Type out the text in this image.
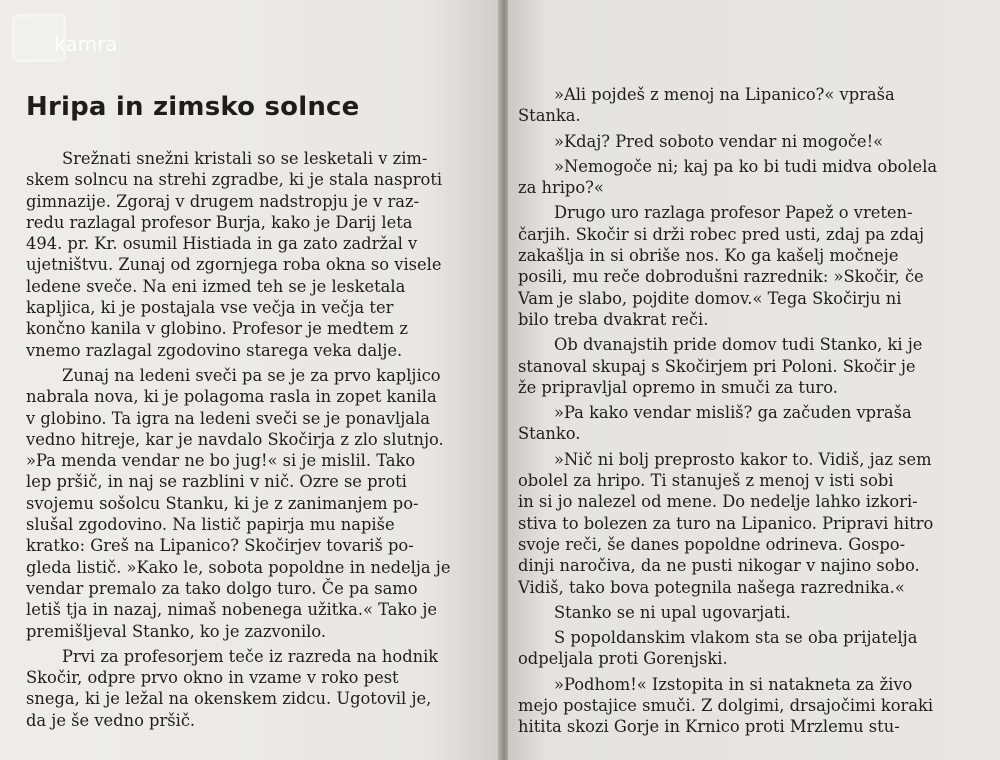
kamra
Hripa in zimsko solnce
Srežnati snežni kristali so se lesketali v zim-
skem solncu na strehi zgradbe, ki je stala nasproti
gimnazije. Zgoraj v drugem nadstropju je v raz-
redu razlagal profesor Burja, kako je Darij leta
494. pr. Kr. osumil Histiada in ga zato zadržal v
ujetništvu. Zunaj od zgornjega roba okna so visele
ledene sveče. Na eni izmed teh se je lesketala
kapljica, ki je postajala vse večja in večja ter
končno kanila v globino. Profesor je medtem z
vnemo razlagal zgodovino starega veka dalje.
Zunaj na ledeni sveči pa se je za prvo kapljico
nabrala nova, ki je polagoma rasla in zopet kanila
v globino. Ta igra na ledeni sveči se je ponavljala
vedno hitreje, kar je navdalo Skočirja z zlo slutnjo.
»Pa menda vendar ne bo jug!« si je mislil. Tako
lep pršič, in naj se razblini v nič. Ozre se proti
svojemu sošolcu Stanku, ki je z zanimanjem po-
slušal zgodovino. Na listič papirja mu napiše
kratko: Greš na Lipanico? Skočirjev tovariš po-
gleda listič. »Kako le, sobota popoldne in nedelja je
vendar premalo za tako dolgo turo. Če pa samo
letiš tja in nazaj, nimaš nobenega užitka.« Tako je
premišljeval Stanko, ko je zazvonilo.
Prvi za profesorjem teče iz razreda na hodnik
Skočir, odpre prvo okno in vzame v roko pest
snega, ki je ležal na okenskem zidcu. Ugotovil je,
da je še vedno pršič.
»Ali pojdeš z menoj na Lipanico?« vpraša
Stanka.
»Kdaj? Pred soboto vendar ni mogoče!«
»Nemogoče ni; kaj pa ko bi tudi midva obolela
za hripo?«
Drugo uro razlaga profesor Papež o vreten-
čarjih. Skočir si drži robec pred usti, zdaj pa zdaj
zakašlja in si obriše nos. Ko ga kašelj močneje
posili, mu reče dobrodušni razrednik: »Skočir, če
Vam je slabo, pojdite domov.« Tega Skočirju ni
bilo treba dvakrat reči.
Ob dvanajstih pride domov tudi Stanko, ki je
stanoval skupaj s Skočirjem pri Poloni. Skočir je
že pripravljal opremo in smuči za turo.
»Pa kako vendar misliš? ga začuden vpraša
Stanko.
»Nič ni bolj preprosto kakor to. Vidiš, jaz sem
obolel za hripo. Ti stanuješ z menoj v isti sobi
in si jo nalezel od mene. Do nedelje lahko izkori-
stiva to bolezen za turo na Lipanico. Pripravi hitro
svoje reči, še danes popoldne odrineva. Gospo-
dinji naročiva, da ne pusti nikogar v najino sobo.
Vidiš, tako bova potegnila našega razrednika.«
Stanko se ni upal ugovarjati.
S popoldanskim vlakom sta se oba prijatelja
odpeljala proti Gorenjski.
»Podhom!« Izstopita in si natakneta za živo
mejo postajice smuči. Z dolgimi, drsajočimi koraki
hitita skozi Gorje in Krnico proti Mrzlemu stu-
